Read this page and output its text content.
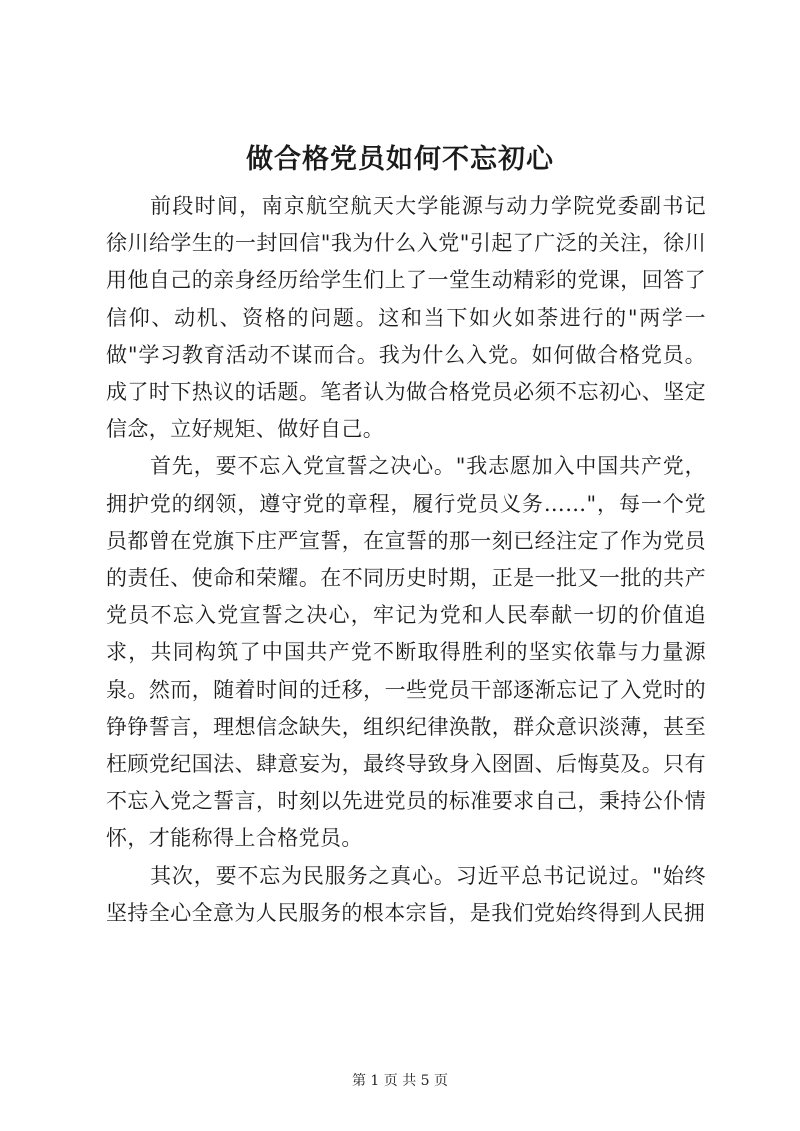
做合格党员如何不忘初心

前段时间，南京航空航天大学能源与动力学院党委副书记徐川给学生的一封回信"我为什么入党"引起了广泛的关注，徐川用他自己的亲身经历给学生们上了一堂生动精彩的党课，回答了信仰、动机、资格的问题。这和当下如火如荼进行的"两学一做"学习教育活动不谋而合。我为什么入党。如何做合格党员。成了时下热议的话题。笔者认为做合格党员必须不忘初心、坚定信念，立好规矩、做好自己。

首先，要不忘入党宣誓之决心。"我志愿加入中国共产党，拥护党的纲领，遵守党的章程，履行党员义务……"，每一个党员都曾在党旗下庄严宣誓，在宣誓的那一刻已经注定了作为党员的责任、使命和荣耀。在不同历史时期，正是一批又一批的共产党员不忘入党宣誓之决心，牢记为党和人民奉献一切的价值追求，共同构筑了中国共产党不断取得胜利的坚实依靠与力量源泉。然而，随着时间的迁移，一些党员干部逐渐忘记了入党时的铮铮誓言，理想信念缺失，组织纪律涣散，群众意识淡薄，甚至枉顾党纪国法、肆意妄为，最终导致身入囹圄、后悔莫及。只有不忘入党之誓言，时刻以先进党员的标准要求自己，秉持公仆情怀，才能称得上合格党员。

其次，要不忘为民服务之真心。习近平总书记说过。"始终坚持全心全意为人民服务的根本宗旨，是我们党始终得到人民拥

第 1 页 共 5 页
